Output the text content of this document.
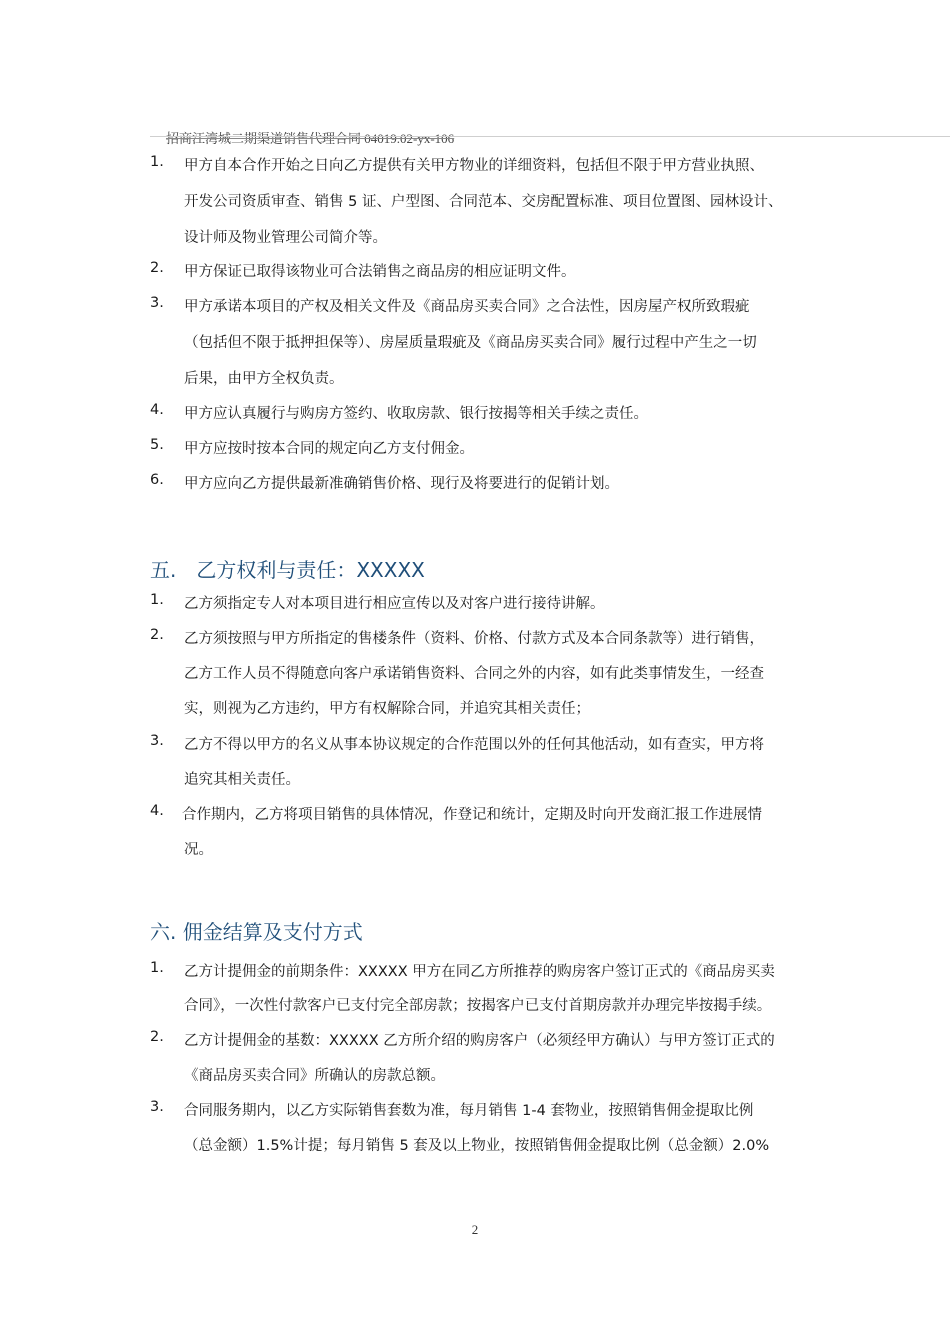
招商江湾城二期渠道销售代理合同 04019.02-yx-106
1.	甲方自本合作开始之日向乙方提供有关甲方物业的详细资料，包括但不限于甲方营业执照、
开发公司资质审查、销售 5 证、户型图、合同范本、交房配置标准、项目位置图、园林设计、
设计师及物业管理公司简介等。
2.	甲方保证已取得该物业可合法销售之商品房的相应证明文件。
3.	甲方承诺本项目的产权及相关文件及《商品房买卖合同》之合法性，因房屋产权所致瑕疵
（包括但不限于抵押担保等）、房屋质量瑕疵及《商品房买卖合同》履行过程中产生之一切
后果，由甲方全权负责。
4.	甲方应认真履行与购房方签约、收取房款、银行按揭等相关手续之责任。
5.	甲方应按时按本合同的规定向乙方支付佣金。
6.	甲方应向乙方提供最新准确销售价格、现行及将要进行的促销计划。
五.　乙方权利与责任：XXXXX
1.	乙方须指定专人对本项目进行相应宣传以及对客户进行接待讲解。
2.	乙方须按照与甲方所指定的售楼条件（资料、价格、付款方式及本合同条款等）进行销售，
乙方工作人员不得随意向客户承诺销售资料、合同之外的内容，如有此类事情发生，一经查
实，则视为乙方违约，甲方有权解除合同，并追究其相关责任；
3.	乙方不得以甲方的名义从事本协议规定的合作范围以外的任何其他活动，如有查实，甲方将
追究其相关责任。
4.	合作期内，乙方将项目销售的具体情况，作登记和统计，定期及时向开发商汇报工作进展情
况。
六. 佣金结算及支付方式
1.	乙方计提佣金的前期条件：XXXXX 甲方在同乙方所推荐的购房客户签订正式的《商品房买卖
合同》，一次性付款客户已支付完全部房款；按揭客户已支付首期房款并办理完毕按揭手续。
2.	乙方计提佣金的基数：XXXXX 乙方所介绍的购房客户（必须经甲方确认）与甲方签订正式的
《商品房买卖合同》所确认的房款总额。
3.	合同服务期内，以乙方实际销售套数为准，每月销售 1-4 套物业，按照销售佣金提取比例
（总金额）1.5%计提；每月销售 5 套及以上物业，按照销售佣金提取比例（总金额）2.0%
2
